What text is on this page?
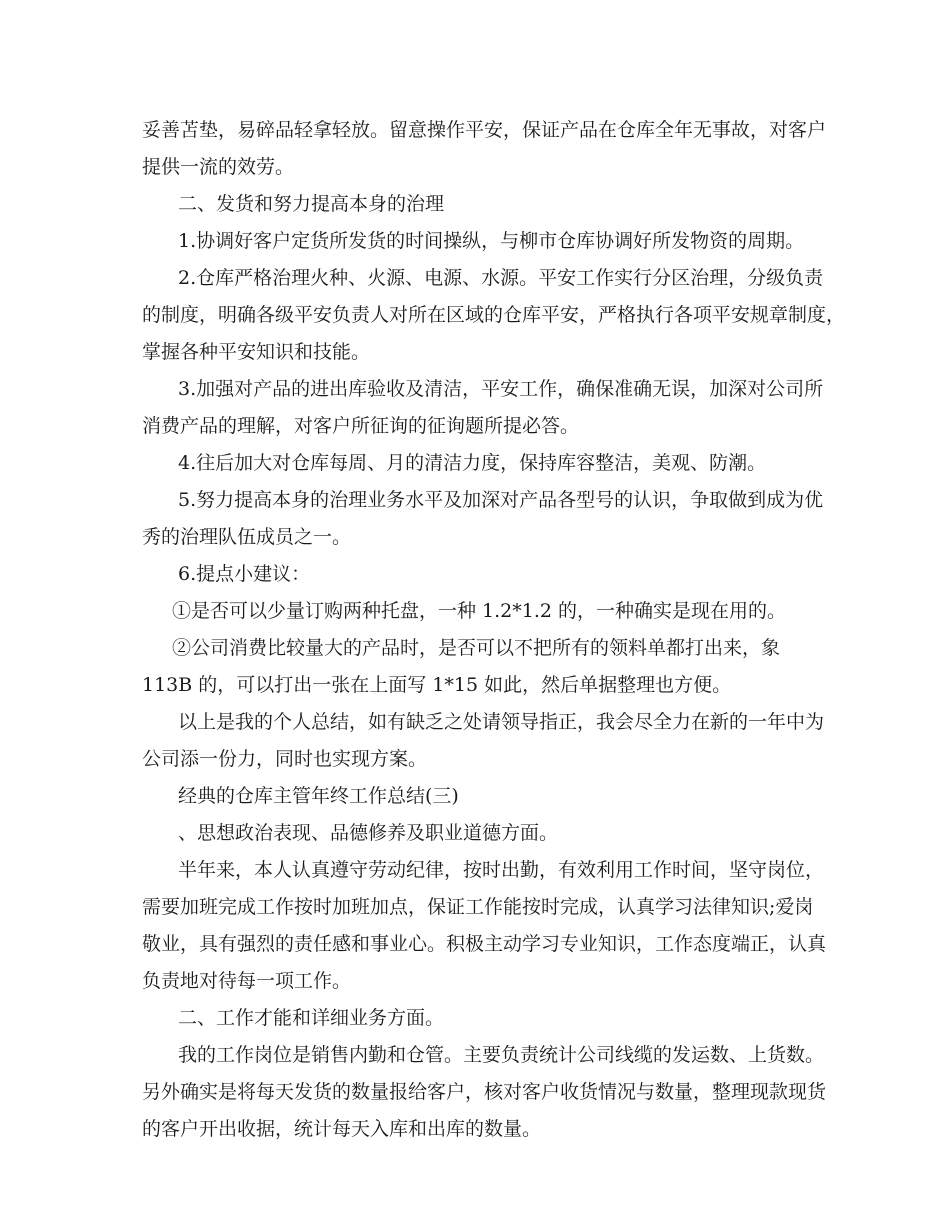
妥善苫垫，易碎品轻拿轻放。留意操作平安，保证产品在仓库全年无事故，对客户
提供一流的效劳。
二、发货和努力提高本身的治理
1.协调好客户定货所发货的时间操纵，与柳市仓库协调好所发物资的周期。
2.仓库严格治理火种、火源、电源、水源。平安工作实行分区治理，分级负责
的制度，明确各级平安负责人对所在区域的仓库平安，严格执行各项平安规章制度，
掌握各种平安知识和技能。
3.加强对产品的进出库验收及清洁，平安工作，确保准确无误，加深对公司所
消费产品的理解，对客户所征询的征询题所提必答。
4.往后加大对仓库每周、月的清洁力度，保持库容整洁，美观、防潮。
5.努力提高本身的治理业务水平及加深对产品各型号的认识，争取做到成为优
秀的治理队伍成员之一。
6.提点小建议：
①是否可以少量订购两种托盘，一种 1.2*1.2 的，一种确实是现在用的。
②公司消费比较量大的产品时，是否可以不把所有的领料单都打出来，象
113B 的，可以打出一张在上面写 1*15 如此，然后单据整理也方便。
以上是我的个人总结，如有缺乏之处请领导指正，我会尽全力在新的一年中为
公司添一份力，同时也实现方案。
经典的仓库主管年终工作总结(三)
、思想政治表现、品德修养及职业道德方面。
半年来，本人认真遵守劳动纪律，按时出勤，有效利用工作时间，坚守岗位，
需要加班完成工作按时加班加点，保证工作能按时完成，认真学习法律知识;爱岗
敬业，具有强烈的责任感和事业心。积极主动学习专业知识，工作态度端正，认真
负责地对待每一项工作。
二、工作才能和详细业务方面。
我的工作岗位是销售内勤和仓管。主要负责统计公司线缆的发运数、上货数。
另外确实是将每天发货的数量报给客户，核对客户收货情况与数量，整理现款现货
的客户开出收据，统计每天入库和出库的数量。
